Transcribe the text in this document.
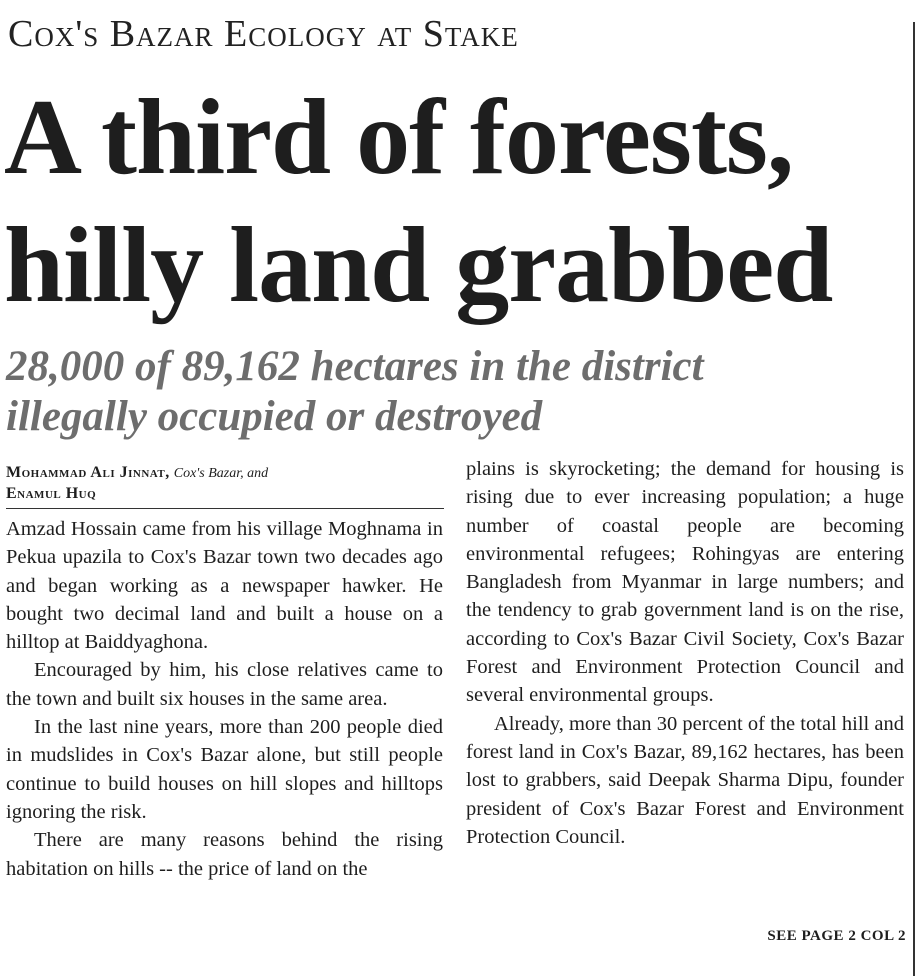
Cox's Bazar Ecology at Stake
A third of forests,
hilly land grabbed
28,000 of 89,162 hectares in the district
illegally occupied or destroyed
Mohammad Ali Jinnat, Cox's Bazar, and
Enamul Huq

Amzad Hossain came from his village Moghnama in Pekua upazila to Cox's Bazar town two decades ago and began working as a newspaper hawker. He bought two decimal land and built a house on a hilltop at Baiddyaghona.

Encouraged by him, his close relatives came to the town and built six houses in the same area.

In the last nine years, more than 200 people died in mudslides in Cox's Bazar alone, but still people continue to build houses on hill slopes and hilltops ignoring the risk.

There are many reasons behind the rising habitation on hills -- the price of land on the

plains is skyrocketing; the demand for housing is rising due to ever increasing population; a huge number of coastal people are becoming environmental refugees; Rohingyas are entering Bangladesh from Myanmar in large numbers; and the tendency to grab government land is on the rise, according to Cox's Bazar Civil Society, Cox's Bazar Forest and Environment Protection Council and several environmental groups.

Already, more than 30 percent of the total hill and forest land in Cox's Bazar, 89,162 hectares, has been lost to grabbers, said Deepak Sharma Dipu, founder president of Cox's Bazar Forest and Environment Protection Council.

SEE PAGE 2 COL 2
